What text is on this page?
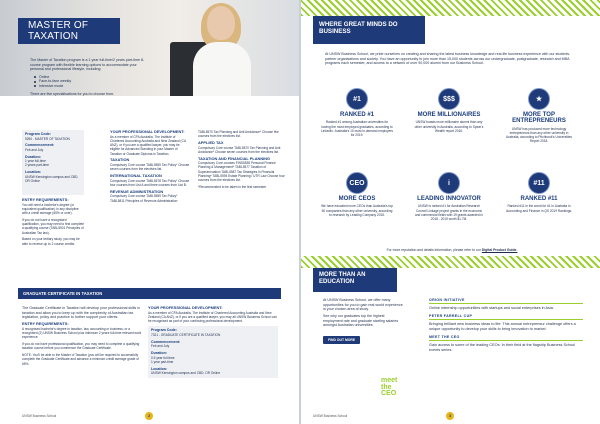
MASTER OF TAXATION

The Master of Taxation program is a 1 year full-time/2 years part-time 8-course program with flexible learning options to accommodate your personal and professional lifestyle, including:

Online
Face-to-face weekly
Intensive mode

There are five specialisations for you to choose from.

Program Code:
9260 - MASTER OF TAXATION
Commencement:
Feb and July
Duration:
1 year full-time
2 years part-time
Location:
UNSW Kensington campus and CBD, OR Online
ENTRY REQUIREMENTS:

You will need a bachelor's degree (or equivalent qualification) in any discipline with a credit average (65% or over).

If you do not have a recognised qualification, you may need to first complete a qualifying course (TABL5901 Principles of Australian Tax law).

Based on your tertiary study, you may be able to receive up to 2 course credits.

YOUR PROFESSIONAL DEVELOPMENT:

As a member of CPA Australia, The Institute of Chartered Accounting Australia and New Zealand (CA ANZ), or if you are a qualified lawyer, you may be eligible for Advanced Standing in your Master of Taxation or Graduate Diploma in Taxation.

TAXATION

Compulsory Core course TABL5559 Tax Policy* Choose seven courses from the electives list.

INTERNATIONAL TAXATION

Compulsory Core course TABL5578 Tax Policy* Choose four courses from List A and three courses from List B.

REVENUE ADMINISTRATION

Compulsory Core course TABL5559 Tax Policy* TABL5811 Principles of Revenue Administration

TABL5570 Tax Planning and Anti Avoidance* Choose five courses from the electives list.

APPLIED TAX

Compulsory Core course TABL5570 Tax Planning and Anti Avoidance* Choose seven courses from the electives list.

TAXATION AND FINANCIAL PLANNING

Compulsory Core courses FINS5538 Personal Finance Planning & Management* TABL5577 Taxation of Superannuation TABL5587 Tax Strategies in Financial Planning* TABL5594 Estate Planning / UTR Law Choose four courses from the electives list.

*Recommended to be taken in the first semester

GRADUATE CERTIFICATE IN TAXATION

The Graduate Certificate in Taxation will develop your professional skills in taxation and allow you to keep up with the complexity of Australian tax legislation, policy and practice to further support your clients.

ENTRY REQUIREMENTS:

A recognised bachelor's degree in taxation, law, accounting or business; or a recognised (2) UNSW Business School plus minimum 2 years full-time relevant work experience.

If you do not have professional qualification, you may need to complete a qualifying taxation course before you commence the Graduate Certificate.

NOTE: You'll be able to the Master of Taxation (you will be required to successfully complete the Graduate Certificate and advance a minimum credit average grade of 65%.

YOUR PROFESSIONAL DEVELOPMENT:

As a member of CPA Australia, The Institute of Chartered Accounting Australia and New Zealand (CA ANZ), or if you are a qualified lawyer, you may all UNSW Business School can be recognised as part of your continuing professional development.

Program Code:
7321 - GRADUATE CERTIFICATE IN TAXATION
Commencement:
Feb and July
Duration:
0.5 year full-time
1 year part-time
Location:
UNSW Kensington campus and CBD, OR Online
UNSW Business School	2
WHERE GREAT MINDS DO BUSINESS

At UNSW Business School, we pride ourselves on creating and sharing the latest business knowledge and real-life business experience with our students, partner organisations and society. You have an opportunity to join more than 15,000 students across our undergraduate, postgraduate, research and MBA programs each semester, and access to a network of over 90,000 alumni from our Business School.

#1
RANKED #1
Ranked #1 among Australian universities for having the most employed graduates, according to LinkedIn. Australia's 10 most in-demand employers for 2019.
$$$
MORE MILLIONAIRES
UNSW boasts more millionaire alumni than any other university in Australia, according to Spear's Wealth report 2016.
★
MORE TOP ENTREPRENEURS
UNSW has produced more technology entrepreneurs than any other university in Australia, according to Pitchbook's Universities Report 2018.
CEO
MORE CEOS
We have educated more CEOs than Australia's top 50 companies than any other university, according to research by Leading Company 2015.
i
LEADING INNOVATOR
UNSW is ranked #1 for Australian Research Council Linkage project grants in the economic and commercial fields with 19 grants awarded in 2018 - 2019 worth $1.7M.
#11
RANKED #11
Ranked #11 in the world for #1 in Australia in Accounting and Finance in QS 2019 Rankings.
For more reputation and details information, please refer to our Digital Product Guide.
MORE THAN AN EDUCATION

At UNSW Business School, we offer many opportunities for you to gain real-world experience in your chosen area of study.

See why our graduates top the highest employment rate and graduate starting salaries amongst Australian universities.

FIND OUT MORE
meet
the
CEO
ORION INITIATIVE
Online internship opportunities with startups and social enterprises in Asia.
PETER FARRELL CUP
Bringing brilliant new business ideas to life: This annual entrepreneur challenge offers a unique opportunity to develop your skills to bring innovation to market.
MEET THE CEO
Gain access to some of the leading CEOs: In their field at the flagship Business School events series.
UNSW Business School	3
